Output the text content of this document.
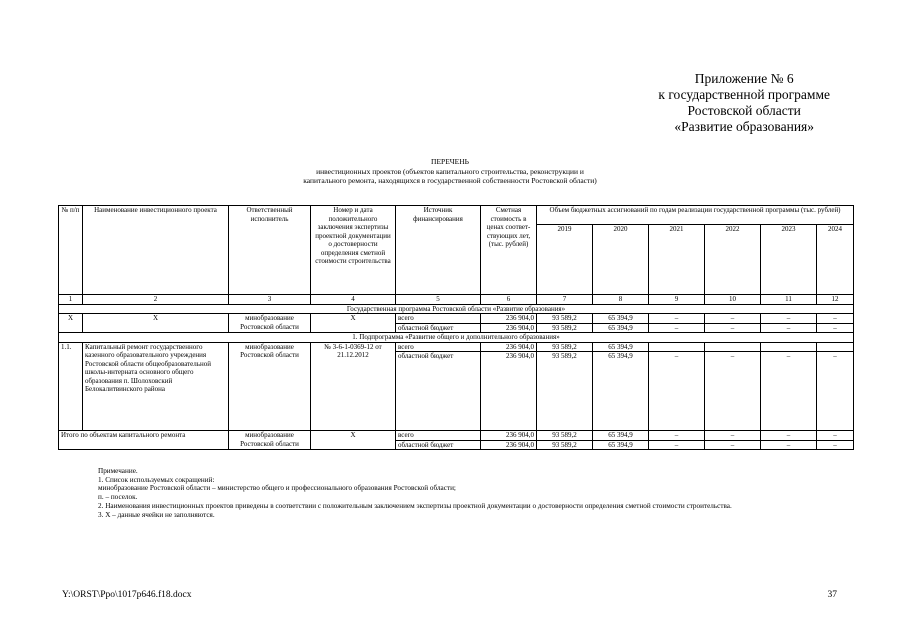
Приложение № 6
к государственной программе
Ростовской области
«Развитие образования»
ПЕРЕЧЕНЬ
инвестиционных проектов (объектов капитального строительства, реконструкции и
капитального ремонта, находящихся в государственной собственности Ростовской области)
№ п/п	Наименование инвестиционного проекта	Ответственный исполнитель	Номер и дата положительного заключения экспертизы проектной документации о достоверности определения сметной стоимости строительства	Источник финансирования	Сметная стоимость в ценах соответ-ствующих лет, (тыс. рублей)	Объем бюджетных ассигнований по годам реализации государственной программы (тыс. рублей)					
						2019	2020	2021	2022	2023	2024
1	2	3	4	5	6	7	8	9	10	11	12
Государственная программа Ростовской области «Развитие образования»											
Х	Х	минобразование Ростовской области	Х	всего	236 904,0	93 589,2	65 394,9	–	–	–	–
				областной бюджет	236 904,0	93 589,2	65 394,9	–	–	–	–
1. Подпрограмма «Развитие общего и дополнительного образования»											
1.1.	Капитальный ремонт государственного казенного образовательного учреждения Ростовской области общеобразовательной школы-интерната основного общего образования п. Шолоховский Белокалитвинского района	минобразование Ростовской области	№ 3-6-1-0369-12 от 21.12.2012	всего	236 904,0	93 589,2	65 394,9				
				областной бюджет	236 904,0	93 589,2	65 394,9	–	–	–	–
Итого по объектам капитального ремонта		минобразование Ростовской области	Х	всего	236 904,0	93 589,2	65 394,9	–	–	–	–
				областной бюджет	236 904,0	93 589,2	65 394,9	–	–	–	–
Примечание.
1. Список используемых сокращений:
минобразование Ростовской области – министерство общего и профессионального образования Ростовской области;
п. – поселок.
2. Наименования инвестиционных проектов приведены в соответствии с положительным заключением экспертизы проектной документации о достоверности определения сметной стоимости строительства.
3. Х – данные ячейки не заполняются.
Y:\ORST\Ppo\1017p646.f18.docx	37
